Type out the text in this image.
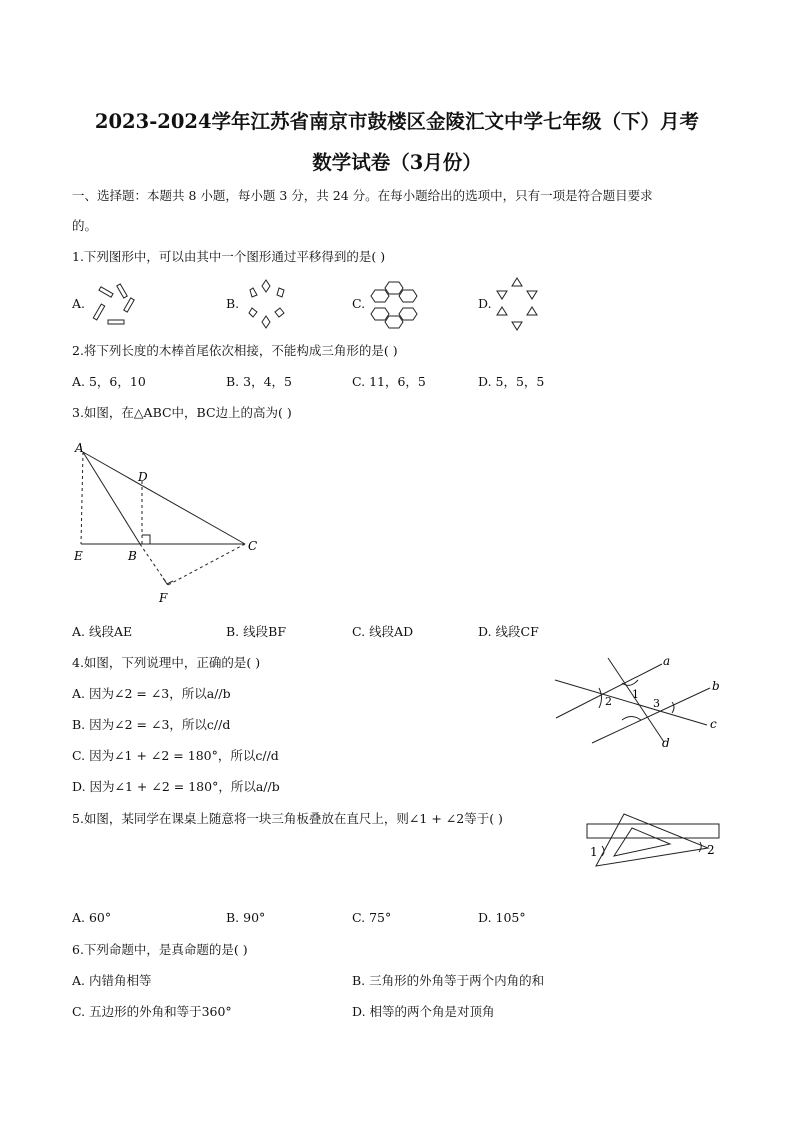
2023-2024学年江苏省南京市鼓楼区金陵汇文中学七年级（下）月考
数学试卷（3月份）
一、选择题：本题共 8 小题，每小题 3 分，共 24 分。在每小题给出的选项中，只有一项是符合题目要求
的。
1.下列图形中，可以由其中一个图形通过平移得到的是( )
A.	B.	C.	D.
2.将下列长度的木棒首尾依次相接，不能构成三角形的是( )
A. 5，6，10	B. 3，4，5	C. 11，6，5	D. 5，5，5
3.如图，在△ABC中，BC边上的高为( )
A
D
C
E	B
F
A. 线段AE	B. 线段BF	C. 线段AD	D. 线段CF
4.如图，下列说理中，正确的是( )
A. 因为∠2 = ∠3，所以a//b
B. 因为∠2 = ∠3，所以c//d
C. 因为∠1 + ∠2 = 180°，所以c//d
D. 因为∠1 + ∠2 = 180°，所以a//b
a
b
c
d
1
2	3
5.如图，某同学在课桌上随意将一块三角板叠放在直尺上，则∠1 + ∠2等于( )
1	2
A. 60°	B. 90°	C. 75°	D. 105°
6.下列命题中，是真命题的是( )
A. 内错角相等	B. 三角形的外角等于两个内角的和
C. 五边形的外角和等于360°	D. 相等的两个角是对顶角
